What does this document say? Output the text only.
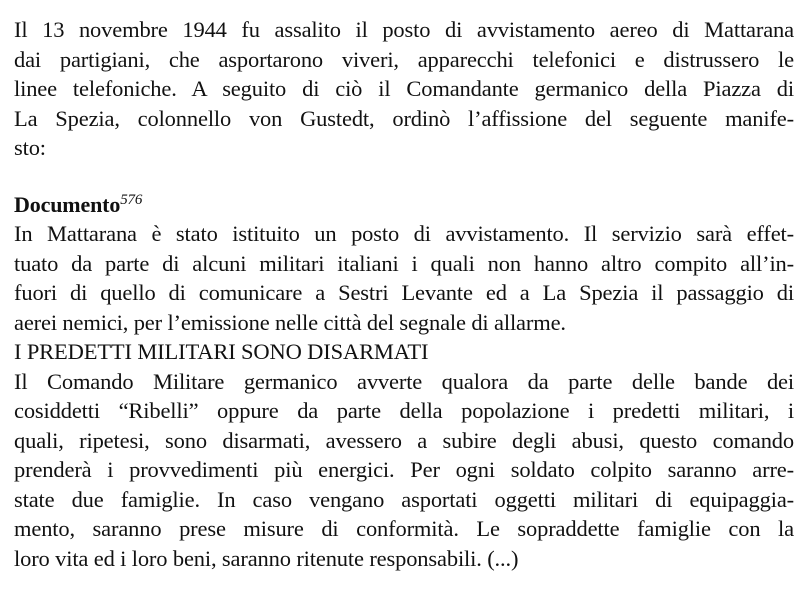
Il 13 novembre 1944 fu assalito il posto di avvistamento aereo di Mattarana
dai partigiani, che asportarono viveri, apparecchi telefonici e distrussero le
linee telefoniche. A seguito di ciò il Comandante germanico della Piazza di
La Spezia, colonnello von Gustedt, ordinò l’affissione del seguente manife-
sto:
Documento$^{576}$
In Mattarana è stato istituito un posto di avvistamento. Il servizio sarà effet-
tuato da parte di alcuni militari italiani i quali non hanno altro compito all’in-
fuori di quello di comunicare a Sestri Levante ed a La Spezia il passaggio di
aerei nemici, per l’emissione nelle città del segnale di allarme.
I PREDETTI MILITARI SONO DISARMATI
Il Comando Militare germanico avverte qualora da parte delle bande dei
cosiddetti “Ribelli” oppure da parte della popolazione i predetti militari, i
quali, ripetesi, sono disarmati, avessero a subire degli abusi, questo comando
prenderà i provvedimenti più energici. Per ogni soldato colpito saranno arre-
state due famiglie. In caso vengano asportati oggetti militari di equipaggia-
mento, saranno prese misure di conformità. Le sopraddette famiglie con la
loro vita ed i loro beni, saranno ritenute responsabili. (...)
